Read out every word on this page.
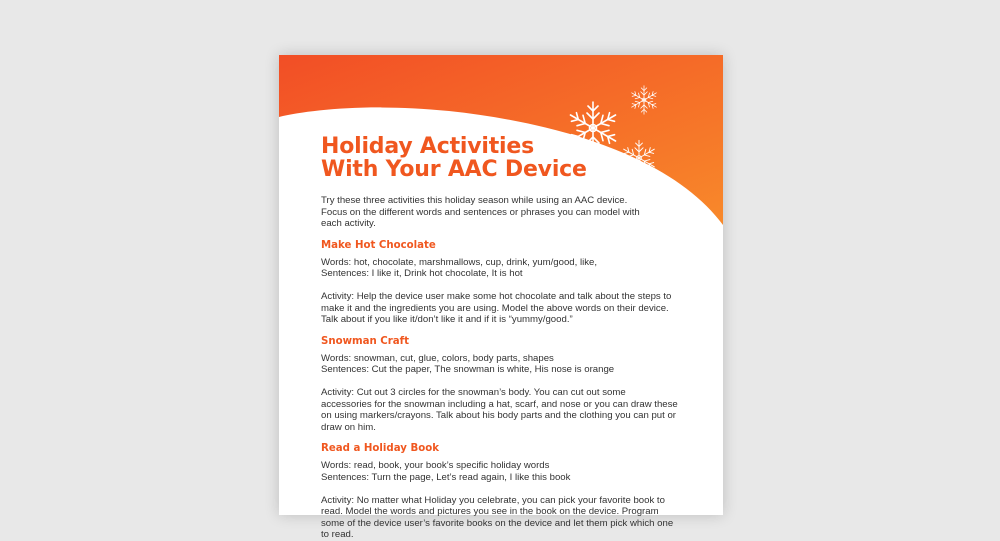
Holiday Activities
With Your AAC Device
Try these three activities this holiday season while using an AAC device.
Focus on the different words and sentences or phrases you can model with
each activity.
Make Hot Chocolate
Words: hot, chocolate, marshmallows, cup, drink, yum/good, like,
Sentences: I like it, Drink hot chocolate, It is hot
Activity: Help the device user make some hot chocolate and talk about the steps to
make it and the ingredients you are using. Model the above words on their device.
Talk about if you like it/don’t like it and if it is “yummy/good.”
Snowman Craft
Words: snowman, cut, glue, colors, body parts, shapes
Sentences: Cut the paper, The snowman is white, His nose is orange
Activity: Cut out 3 circles for the snowman’s body. You can cut out some
accessories for the snowman including a hat, scarf, and nose or you can draw these
on using markers/crayons. Talk about his body parts and the clothing you can put or
draw on him.
Read a Holiday Book
Words: read, book, your book’s specific holiday words
Sentences: Turn the page, Let’s read again, I like this book
Activity: No matter what Holiday you celebrate, you can pick your favorite book to
read. Model the words and pictures you see in the book on the device. Program
some of the device user’s favorite books on the device and let them pick which one
to read.
